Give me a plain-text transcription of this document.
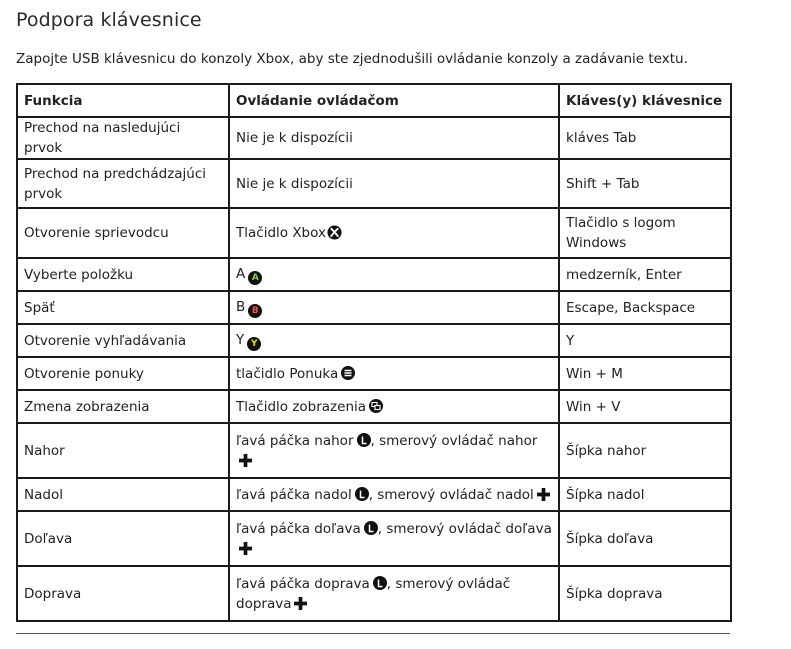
Podpora klávesnice

Zapojte USB klávesnicu do konzoly Xbox, aby ste zjednodušili ovládanie konzoly a zadávanie textu.

Funkcia	Ovládanie ovládačom	Kláves(y) klávesnice
Prechod na nasledujúci prvok	Nie je k dispozícii	kláves Tab
Prechod na predchádzajúci prvok	Nie je k dispozícii	Shift + Tab
Otvorenie sprievodcu	Tlačidlo Xbox	Tlačidlo s logom Windows
Vyberte položku	A A	medzerník, Enter
Späť	B B	Escape, Backspace
Otvorenie vyhľadávania	Y Y	Y
Otvorenie ponuky	tlačidlo Ponuka	Win + M
Zmena zobrazenia	Tlačidlo zobrazenia	Win + V
Nahor	ľavá páčka nahor , smerový ovládač nahor	Šípka nahor
Nadol	ľavá páčka nadol , smerový ovládač nadol	Šípka nadol
Doľava	ľavá páčka doľava , smerový ovládač doľava	Šípka doľava
Doprava	ľavá páčka doprava , smerový ovládač doprava	Šípka doprava
